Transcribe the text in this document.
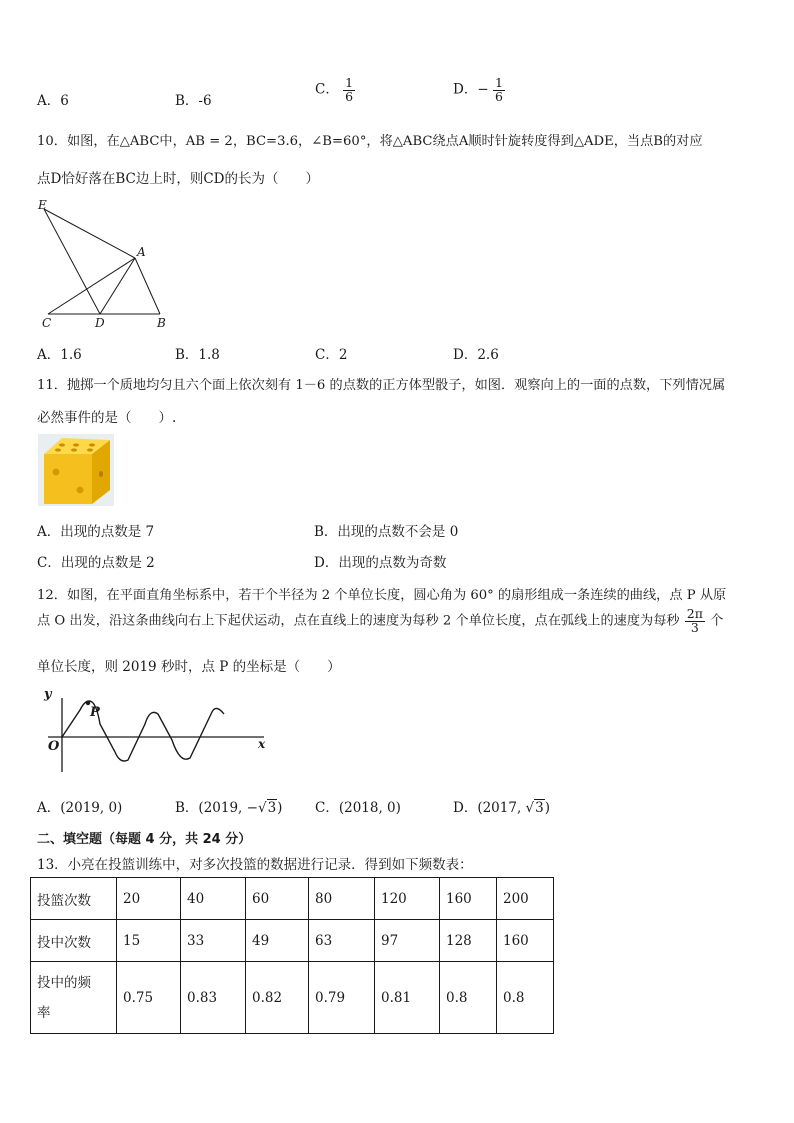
A．6	B．-6
C． $\frac{1}{6}$	D．− $\frac{1}{6}$
10．如图，在△ABC中，AB = 2，BC=3.6，∠B=60°，将△ABC绕点A顺时针旋转度得到△ADE，当点B的对应
点D恰好落在BC边上时，则CD的长为（　　）
E
A
C	D	B
A．1.6	B．1.8	C．2	D．2.6
11．抛掷一个质地均匀且六个面上依次刻有 1－6 的点数的正方体型骰子，如图．观察向上的一面的点数，下列情况属
必然事件的是（　　）.
A．出现的点数是 7	B．出现的点数不会是 0
C．出现的点数是 2	D．出现的点数为奇数
12．如图，在平面直角坐标系中，若干个半径为 2 个单位长度，圆心角为 60° 的扇形组成一条连续的曲线，点 P 从原
点 O 出发，沿这条曲线向右上下起伏运动，点在直线上的速度为每秒 2 个单位长度，点在弧线上的速度为每秒 $\frac{2\pi}{3}$ 个
单位长度，则 2019 秒时，点 P 的坐标是（　　）
y
P
O	x
A．(2019, 0)	B．(2019, −√3) C．(2018, 0)	D．(2017, √3)
二、填空题（每题 4 分，共 24 分）
13．小亮在投篮训练中，对多次投篮的数据进行记录．得到如下频数表：
投篮次数	20	40	60	80	120	160	200
投中次数	15	33	49	63	97	128	160

投中的频
率	0.75	0.83	0.82	0.79	0.81	0.8	0.8
